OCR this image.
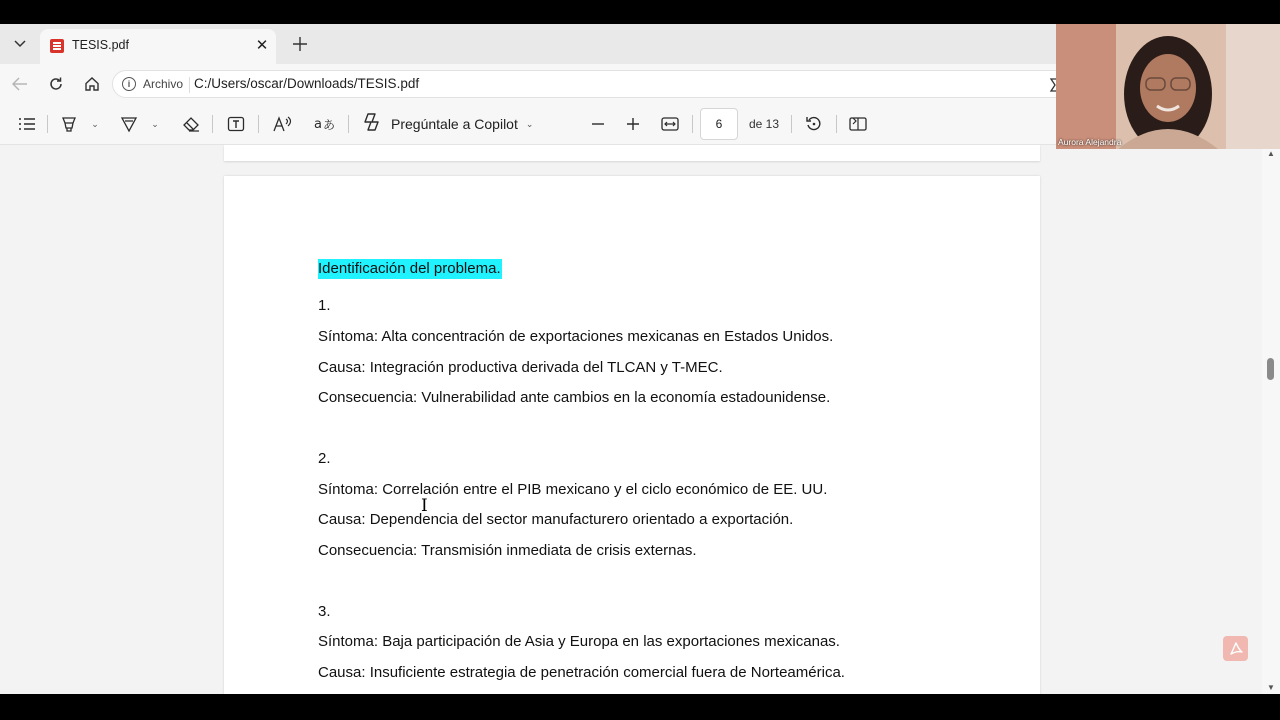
TESIS.pdf	✕
i	Archivo C:/Users/oscar/Downloads/TESIS.pdf
⌄	⌄	a あ	Pregúntale a Copilot ⌄	6	de 13
Identificación del problema.
1.
Síntoma: Alta concentración de exportaciones mexicanas en Estados Unidos.
Causa: Integración productiva derivada del TLCAN y T-MEC.
Consecuencia: Vulnerabilidad ante cambios en la economía estadounidense.
2.
Síntoma: Correlación entre el PIB mexicano y el ciclo económico de EE. UU.
Causa: Dependencia del sector manufacturero orientado a exportación.
Consecuencia: Transmisión inmediata de crisis externas.
3.
Síntoma: Baja participación de Asia y Europa en las exportaciones mexicanas.
Causa: Insuficiente estrategia de penetración comercial fuera de Norteamérica.
I
▲
▼
Aurora Alejandra
